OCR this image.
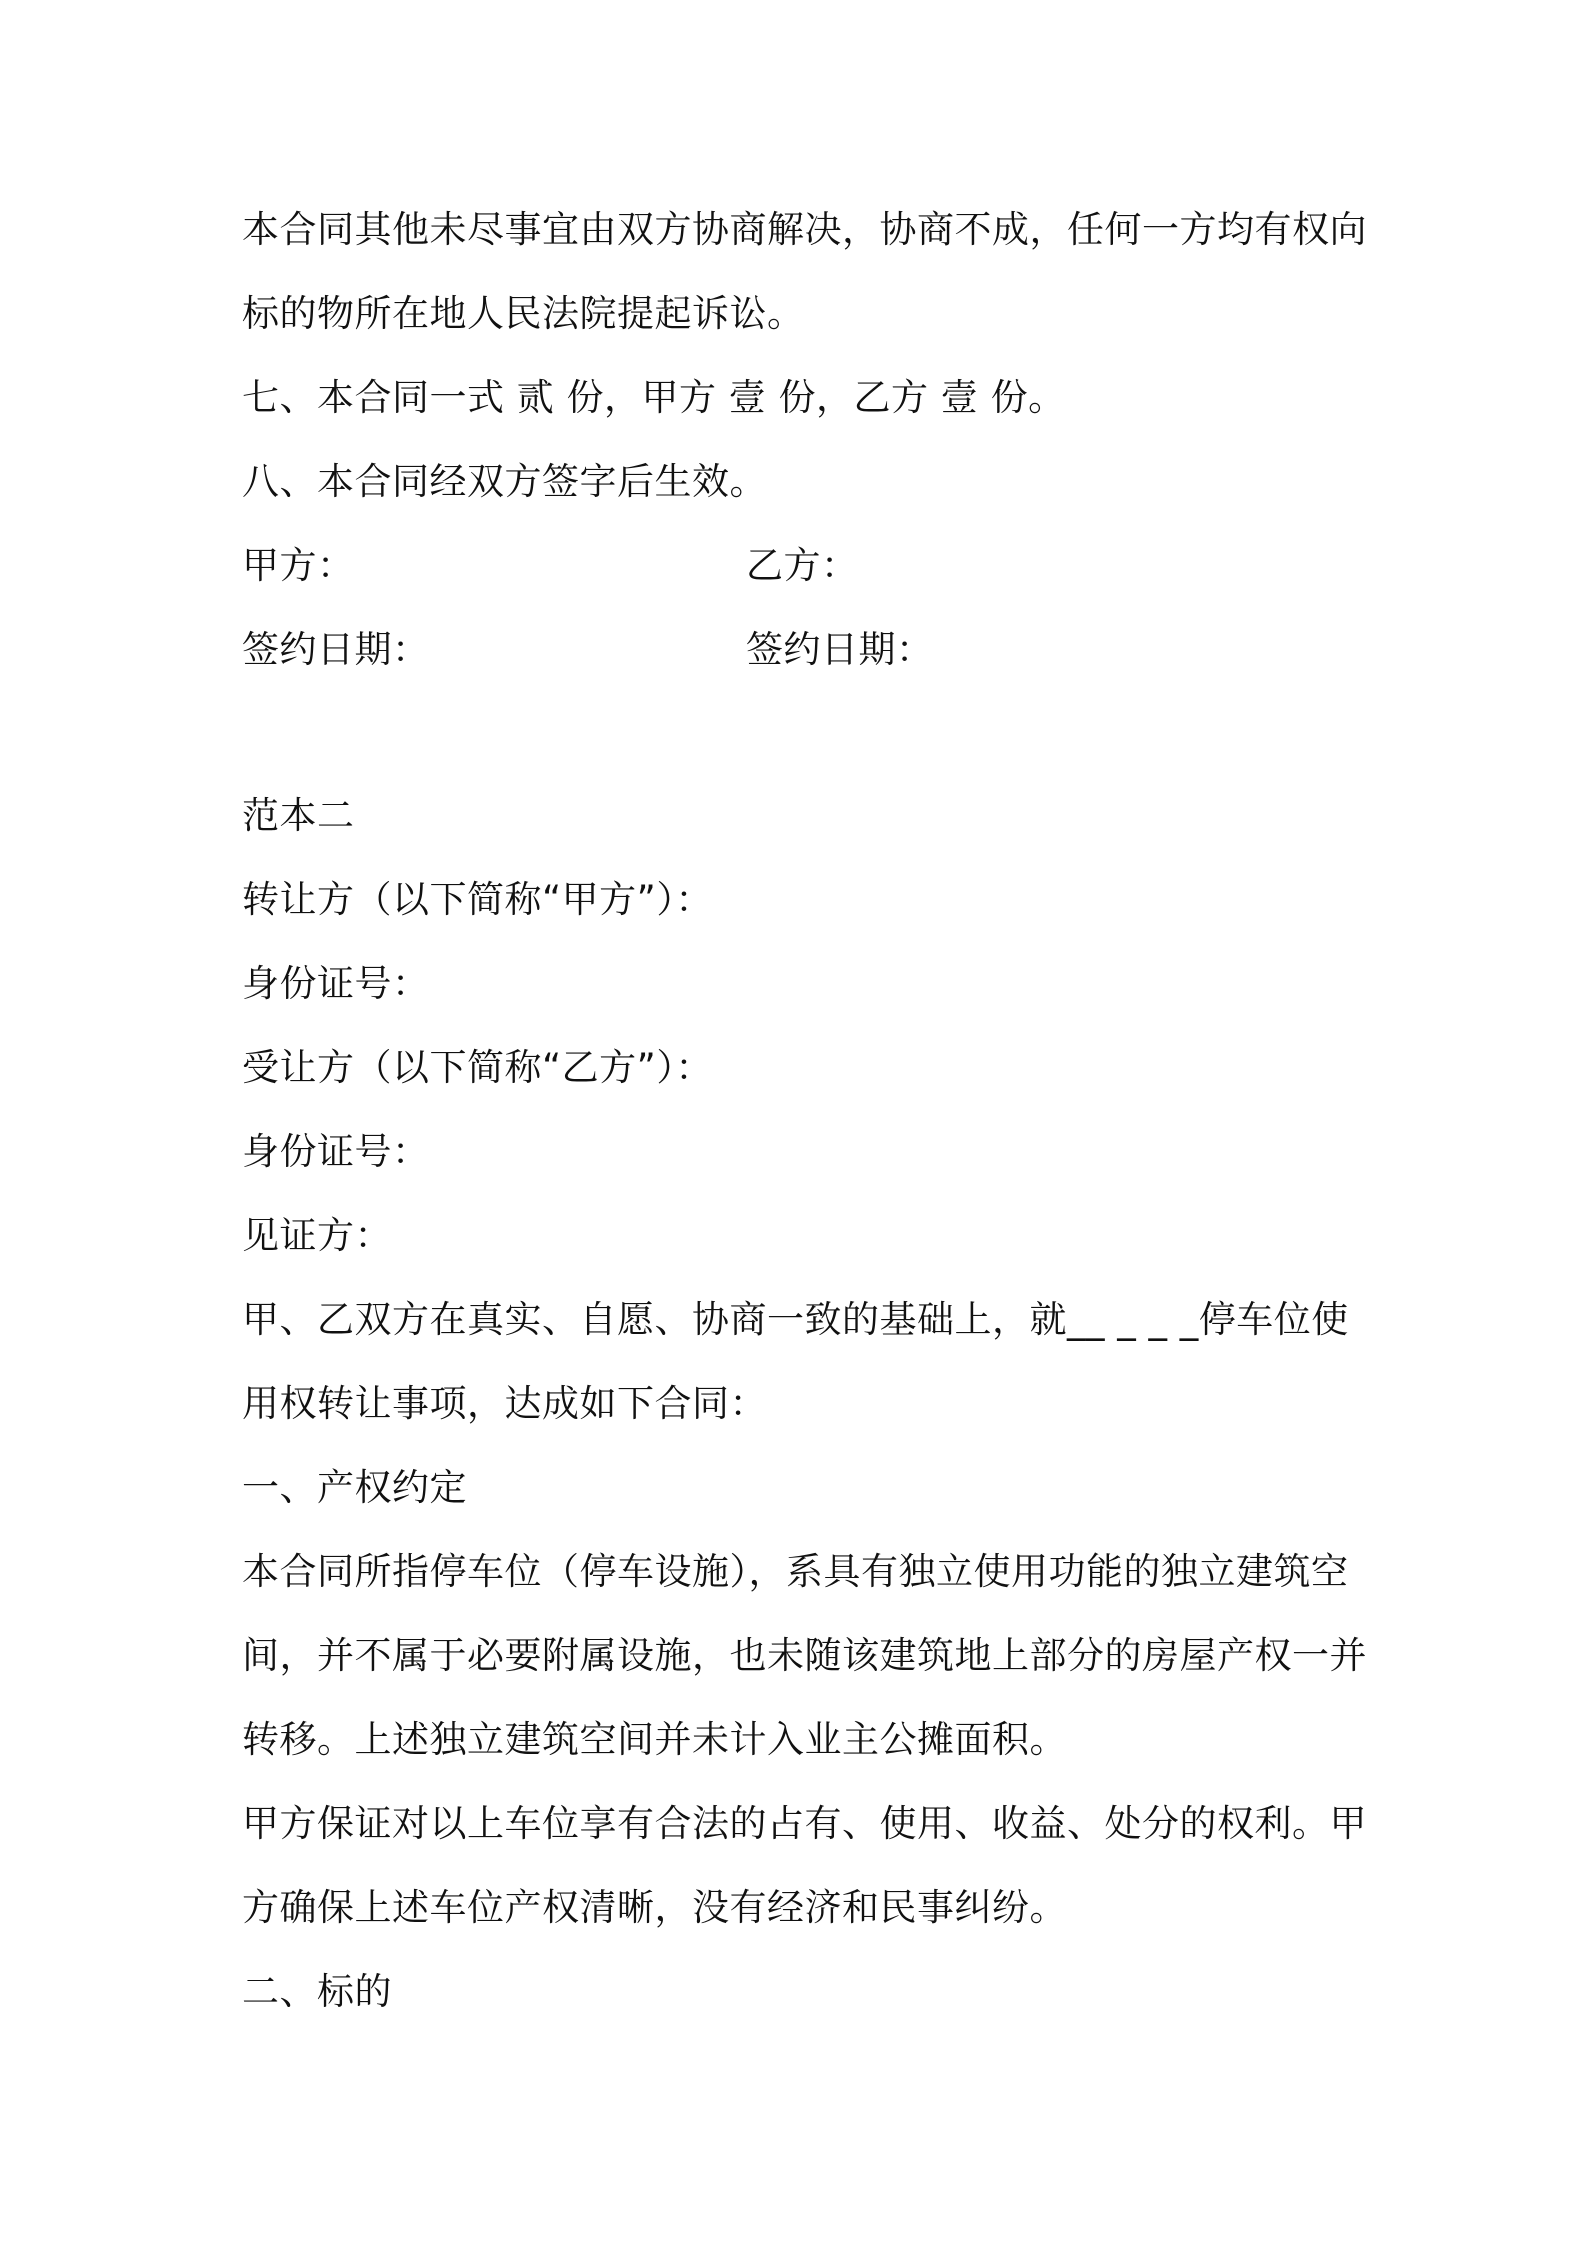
本合同其他未尽事宜由双方协商解决，协商不成，任何一方均有权向
标的物所在地人民法院提起诉讼。
七、本合同一式 贰 份，甲方 壹 份，乙方 壹 份。
八、本合同经双方签字后生效。
甲方：	乙方：
签约日期：	签约日期：
范本二
转让方（以下简称“甲方”）：
身份证号：
受让方（以下简称“乙方”）：
身份证号：
见证方：
甲、乙双方在真实、自愿、协商一致的基础上，就__ _ _ _停车位使
用权转让事项，达成如下合同：
一、产权约定
本合同所指停车位（停车设施），系具有独立使用功能的独立建筑空
间，并不属于必要附属设施，也未随该建筑地上部分的房屋产权一并
转移。上述独立建筑空间并未计入业主公摊面积。
甲方保证对以上车位享有合法的占有、使用、收益、处分的权利。甲
方确保上述车位产权清晰，没有经济和民事纠纷。
二、标的
